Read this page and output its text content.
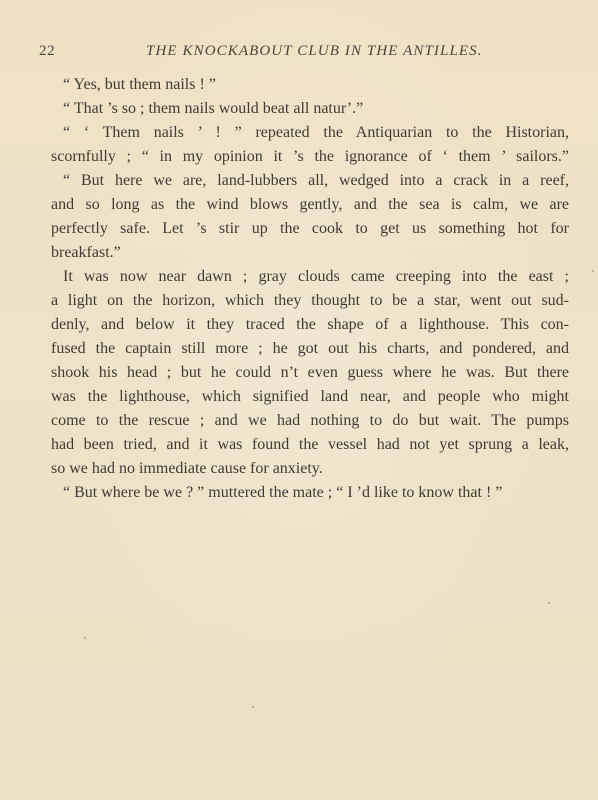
22	THE KNOCKABOUT CLUB IN THE ANTILLES.
“ Yes, but them nails ! ”
“ That ’s so ; them nails would beat all natur’.”
“ ‘ Them nails ’ ! ” repeated the Antiquarian to the Historian,
scornfully ; “ in my opinion it ’s the ignorance of ‘ them ’ sailors.”
“ But here we are, land-lubbers all, wedged into a crack in a reef,
and so long as the wind blows gently, and the sea is calm, we are
perfectly safe. Let ’s stir up the cook to get us something hot for
breakfast.”
It was now near dawn ; gray clouds came creeping into the east ;
a light on the horizon, which they thought to be a star, went out sud-
denly, and below it they traced the shape of a lighthouse. This con-
fused the captain still more ; he got out his charts, and pondered, and
shook his head ; but he could n’t even guess where he was. But there
was the lighthouse, which signified land near, and people who might
come to the rescue ; and we had nothing to do but wait. The pumps
had been tried, and it was found the vessel had not yet sprung a leak,
so we had no immediate cause for anxiety.
“ But where be we ? ” muttered the mate ; “ I ’d like to know that ! ”
